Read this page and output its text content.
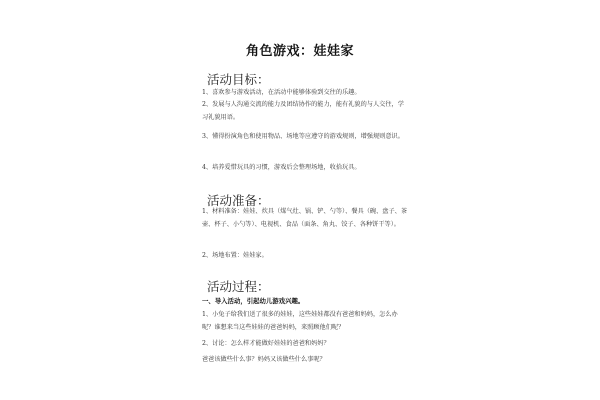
角色游戏：娃娃家
活动目标：
1、喜欢参与游戏活动，在活动中能够体验到交往的乐趣。
2、发展与人沟通交流的能力及团结协作的能力，能有礼貌的与人交往，学习礼貌用语。
3、懂得扮演角色和使用物品、场地等应遵守的游戏规则，增强规则意识。
4、培养爱惜玩具的习惯，游戏后会整理场地，收拾玩具。
活动准备：
1、材料准备：娃娃、炊具（煤气灶、锅、铲、勺等）、餐具（碗、盘子、茶壶、杯子、小勺等）、电视机、食品（面条、角丸、饺子、各种饼干等）。
2、场地布置：娃娃家。
活动过程：
一、导入活动，引起幼儿游戏兴趣。
1、小兔子给我们送了很多的娃娃，这些娃娃都没有爸爸和妈妈，怎么办呢？谁想来当这些娃娃的爸爸妈妈，来照顾他们呢？
2、讨论：怎么样才能做好娃娃的爸爸和妈妈？
爸爸该做些什么事？妈妈又该做些什么事呢？
